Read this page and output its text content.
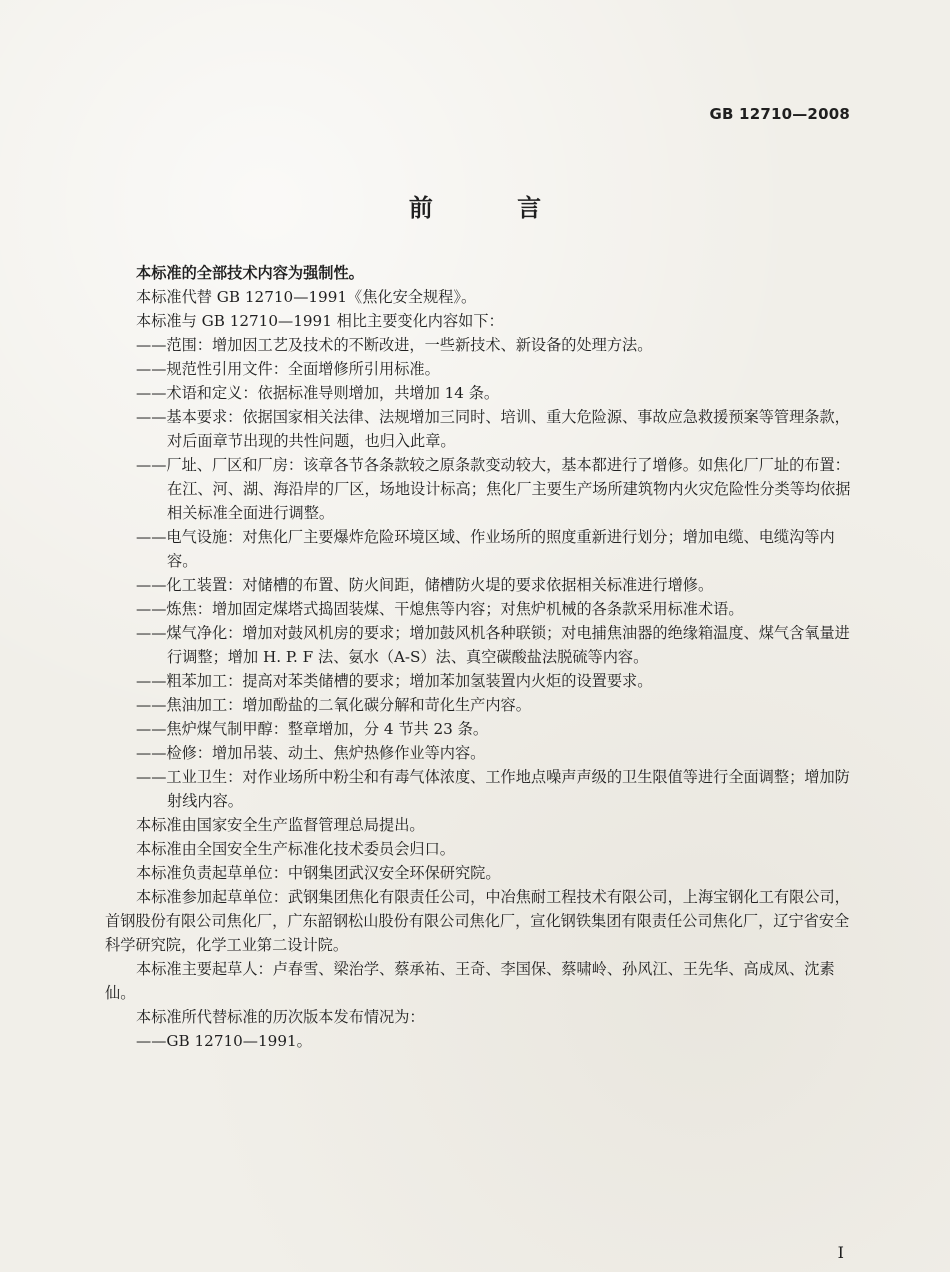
GB 12710—2008
前 言

本标准的全部技术内容为强制性。

本标准代替 GB 12710—1991《焦化安全规程》。

本标准与 GB 12710—1991 相比主要变化内容如下：

——范围：增加因工艺及技术的不断改进，一些新技术、新设备的处理方法。

——规范性引用文件：全面增修所引用标准。

——术语和定义：依据标准导则增加，共增加 14 条。

——基本要求：依据国家相关法律、法规增加三同时、培训、重大危险源、事故应急救援预案等管理条款，对后面章节出现的共性问题，也归入此章。

——厂址、厂区和厂房：该章各节各条款较之原条款变动较大，基本都进行了增修。如焦化厂厂址的布置：在江、河、湖、海沿岸的厂区，场地设计标高；焦化厂主要生产场所建筑物内火灾危险性分类等均依据相关标准全面进行调整。

——电气设施：对焦化厂主要爆炸危险环境区域、作业场所的照度重新进行划分；增加电缆、电缆沟等内容。

——化工装置：对储槽的布置、防火间距，储槽防火堤的要求依据相关标准进行增修。

——炼焦：增加固定煤塔式捣固装煤、干熄焦等内容；对焦炉机械的各条款采用标准术语。

——煤气净化：增加对鼓风机房的要求；增加鼓风机各种联锁；对电捕焦油器的绝缘箱温度、煤气含氧量进行调整；增加 H. P. F 法、氨水（A-S）法、真空碳酸盐法脱硫等内容。

——粗苯加工：提高对苯类储槽的要求；增加苯加氢装置内火炬的设置要求。

——焦油加工：增加酚盐的二氧化碳分解和苛化生产内容。

——焦炉煤气制甲醇：整章增加，分 4 节共 23 条。

——检修：增加吊装、动土、焦炉热修作业等内容。

——工业卫生：对作业场所中粉尘和有毒气体浓度、工作地点噪声声级的卫生限值等进行全面调整；增加防射线内容。

本标准由国家安全生产监督管理总局提出。

本标准由全国安全生产标准化技术委员会归口。

本标准负责起草单位：中钢集团武汉安全环保研究院。

本标准参加起草单位：武钢集团焦化有限责任公司，中冶焦耐工程技术有限公司，上海宝钢化工有限公司，首钢股份有限公司焦化厂，广东韶钢松山股份有限公司焦化厂，宣化钢铁集团有限责任公司焦化厂，辽宁省安全科学研究院，化学工业第二设计院。

本标准主要起草人：卢春雪、梁治学、蔡承祐、王奇、李国保、蔡啸岭、孙风江、王先华、高成凤、沈素仙。

本标准所代替标准的历次版本发布情况为：

——GB 12710—1991。

I
